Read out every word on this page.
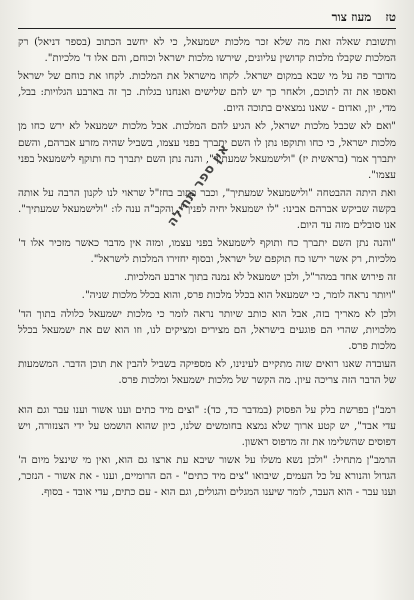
טז
מעוז צור

ותשובת שאלה זאת מה שלא זכר מלכות ישמעאל, כי לא יחשב הכתוב (בספר דניאל) רק המלכות שקבלו מלכות קדושין עליונים, שירשו מלכות ישראל וכוחם, והם אלו ד' מלכיות".

מדובר פה על מי שבא במקום ישראל. לקחו מישראל את המלכות. לקחו את כוחם של ישראל ואספו את זה לתוכם, ולאחר כך יש להם שלישים ואנחנו בגלות. כך זה בארבע הגלויות: בבל, מדי, יון, ואדום - שאנו נמצאים בתוכה היום.

"ואם לא שכבל מלכות ישראל, לא הגיע להם המלכות. אבל מלכות ישמעאל לא ירש כחו מן מלכות ישראל, כי כחו ותוקפו נתן לו השם יתברך בפני עצמו, בשביל שהיה מזרע אברהם, והשם יתברך אמר (בראשית יז) "ולישמעאל שמעתיך", והנה נתן השם יתברך כח ותוקף לישמעאל בפני עצמו".

ואת היתה ההבטחה "ולישמעאל שמעתיך", וכבר כתוב בחז"ל שראוי לנו לקנון הרבה על אותה בקשה שביקש אברהם אבינו: "לו ישמעאל יחיה לפניך", והקב"ה ענה לו: "ולישמעאל שמעתיך". אנו סובלים מזה עד היום.

"והנה נתן השם יתברך כח ותוקף לישמעאל בפני עצמו, ומזה אין מדבר כאשר מזכיר אלו ד' מלכיות, רק אשר ירשו כח תוקפם של ישראל, ובסוף יחזירו המלכות לישראל".

זה פירוש אחד במהר"ל, ולכן ישמעאל לא נמנה בתוך ארבע המלכיות.

"ויותר נראה לומר, כי ישמעאל הוא בכלל מלכות פרס, והוא בכלל מלכות שניה".

ולכן לא מאריך בזה, אבל הוא כותב שיותר נראה לומר כי מלכות ישמעאל כלולה בתוך הד' מלכויות, שהרי הם פוגעים בישראל, הם מצירים ומציקים לנו, וזו הוא שם את ישמעאל בכלל מלכות פרס.

העובדה שאנו רואים שזה מתקיים לעינינו, לא מספיקה בשביל להבין את תוכן הדבר. המשמעות של הדבר הזה צריכה עיון. מה הקשר של מלכות ישמעאל ומלכות פרס.

רמב"ן בפרשת בלק על הפסוק (במדבר כד, כד): "וצים מיד כתים וענו אשור וענו עבר וגם הוא עדי אבד", יש קטע ארוך שלא נמצא בחומשים שלנו, כיון שהוא הושמט על ידי הצנזורה, ויש דפוסים שהשלימו את זה מדפוס ראשון.

הרמב"ן מתחיל: "ולכן נשא משלו על אשור שיבא עת ארצו גם הוא, ואין מי שינצל מיום ה' הגדול והנורא על כל העמים, שיבואו "צים מיד כתים" - הם הרומיים, וענו - את אשור - הנזכר, וענו עבר - הוא העבר, לומר שיענו המגלים והגולים, וגם הוא - עם כתים, עדי אובד - בסוף.

אין ספר תחילה
